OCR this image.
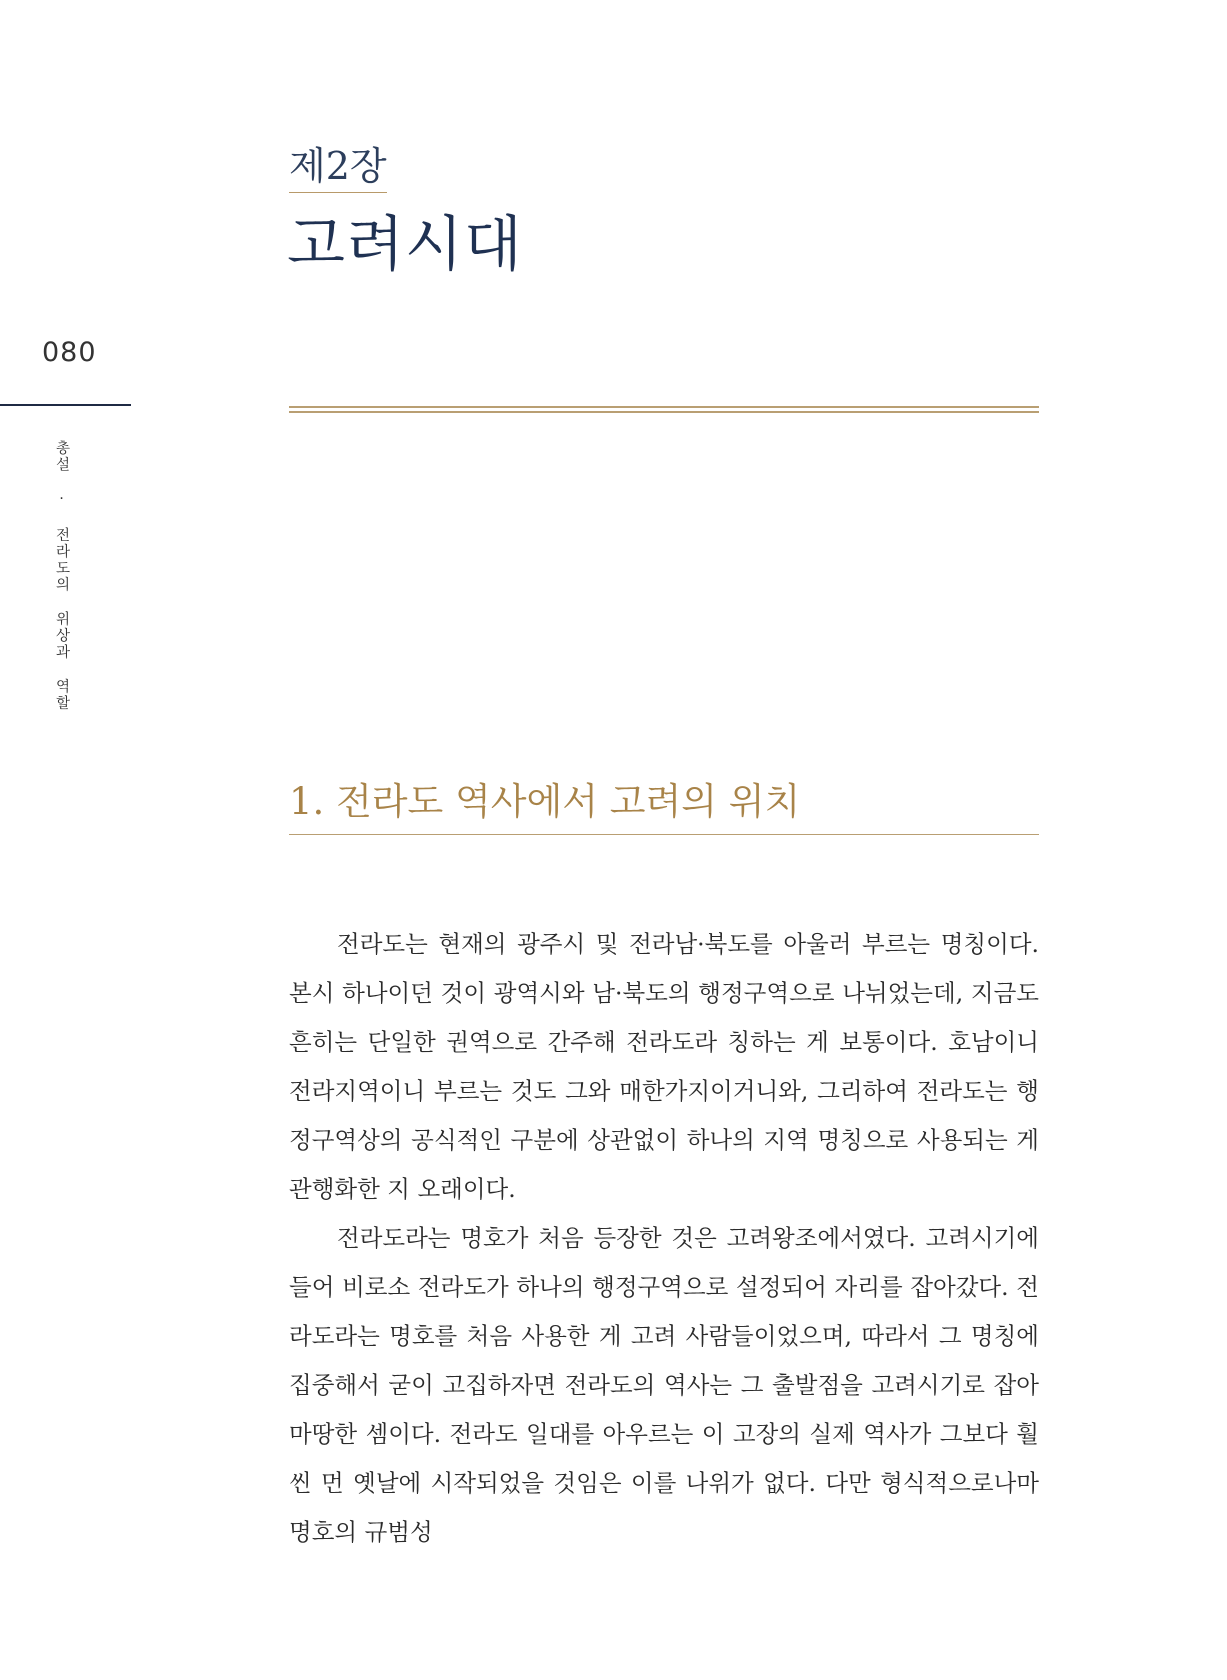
080
총설 · 전라도의 위상과 역할
제2장
고려시대
1. 전라도 역사에서 고려의 위치

전라도는 현재의 광주시 및 전라남·북도를 아울러 부르는 명칭이다. 본시 하나이던 것이 광역시와 남·북도의 행정구역으로 나뉘었는데, 지금도 흔히는 단일한 권역으로 간주해 전라도라 칭하는 게 보통이다. 호남이니 전라지역이니 부르는 것도 그와 매한가지이거니와, 그리하여 전라도는 행정구역상의 공식적인 구분에 상관없이 하나의 지역 명칭으로 사용되는 게 관행화한 지 오래이다.

전라도라는 명호가 처음 등장한 것은 고려왕조에서였다. 고려시기에 들어 비로소 전라도가 하나의 행정구역으로 설정되어 자리를 잡아갔다. 전라도라는 명호를 처음 사용한 게 고려 사람들이었으며, 따라서 그 명칭에 집중해서 굳이 고집하자면 전라도의 역사는 그 출발점을 고려시기로 잡아 마땅한 셈이다. 전라도 일대를 아우르는 이 고장의 실제 역사가 그보다 훨씬 먼 옛날에 시작되었을 것임은 이를 나위가 없다. 다만 형식적으로나마 명호의 규범성
